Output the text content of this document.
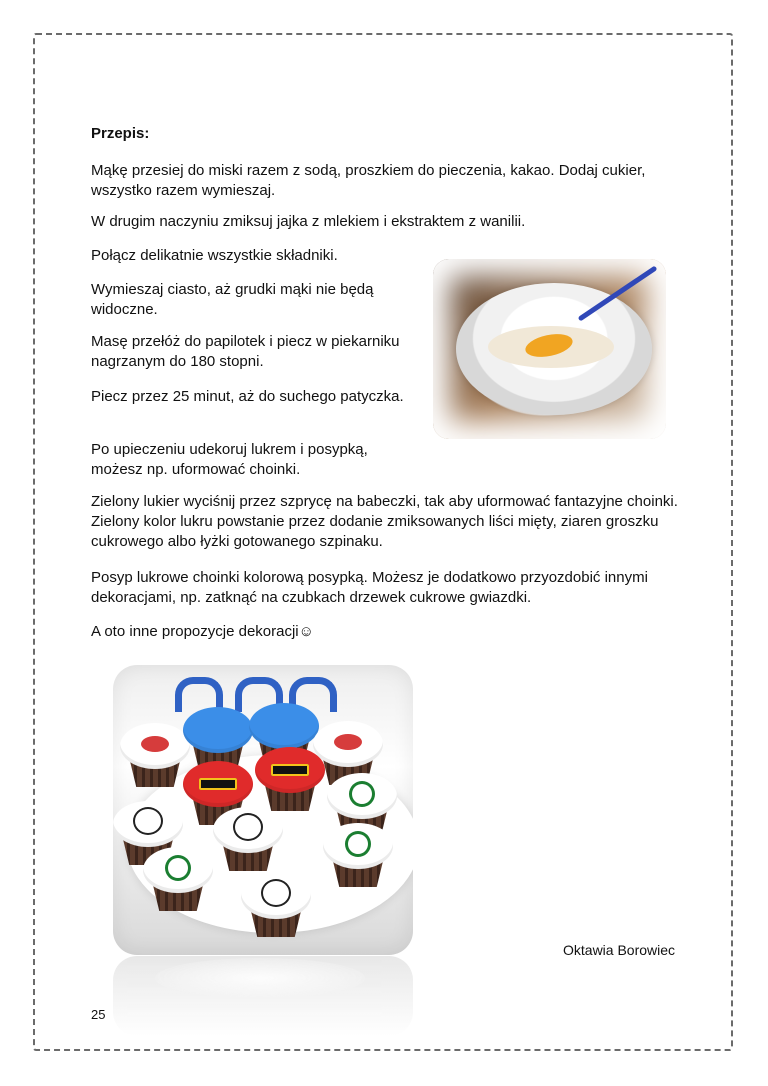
Przepis:

Mąkę przesiej do miski razem z sodą, proszkiem do pieczenia, kakao. Dodaj cukier, wszystko razem wymieszaj.

W drugim naczyniu zmiksuj jajka z mlekiem i ekstraktem z wanilii.

Połącz delikatnie wszystkie składniki.

Wymieszaj ciasto, aż grudki mąki nie będą widoczne.

Masę przełóż do papilotek i piecz w piekarniku nagrzanym do 180 stopni.

Piecz przez 25 minut, aż do suchego patyczka.

Po upieczeniu udekoruj lukrem i posypką, możesz np. uformować choinki.

Zielony lukier wyciśnij przez szprycę na babeczki, tak aby uformować fantazyjne choinki. Zielony kolor lukru powstanie przez dodanie zmiksowanych liści mięty, ziaren groszku cukrowego albo łyżki gotowanego szpinaku.

Posyp lukrowe choinki kolorową posypką. Możesz je dodatkowo przyozdobić innymi dekoracjami, np. zatknąć na czubkach drzewek cukrowe gwiazdki.

A oto inne propozycje dekoracji☺

Oktawia Borowiec

25
